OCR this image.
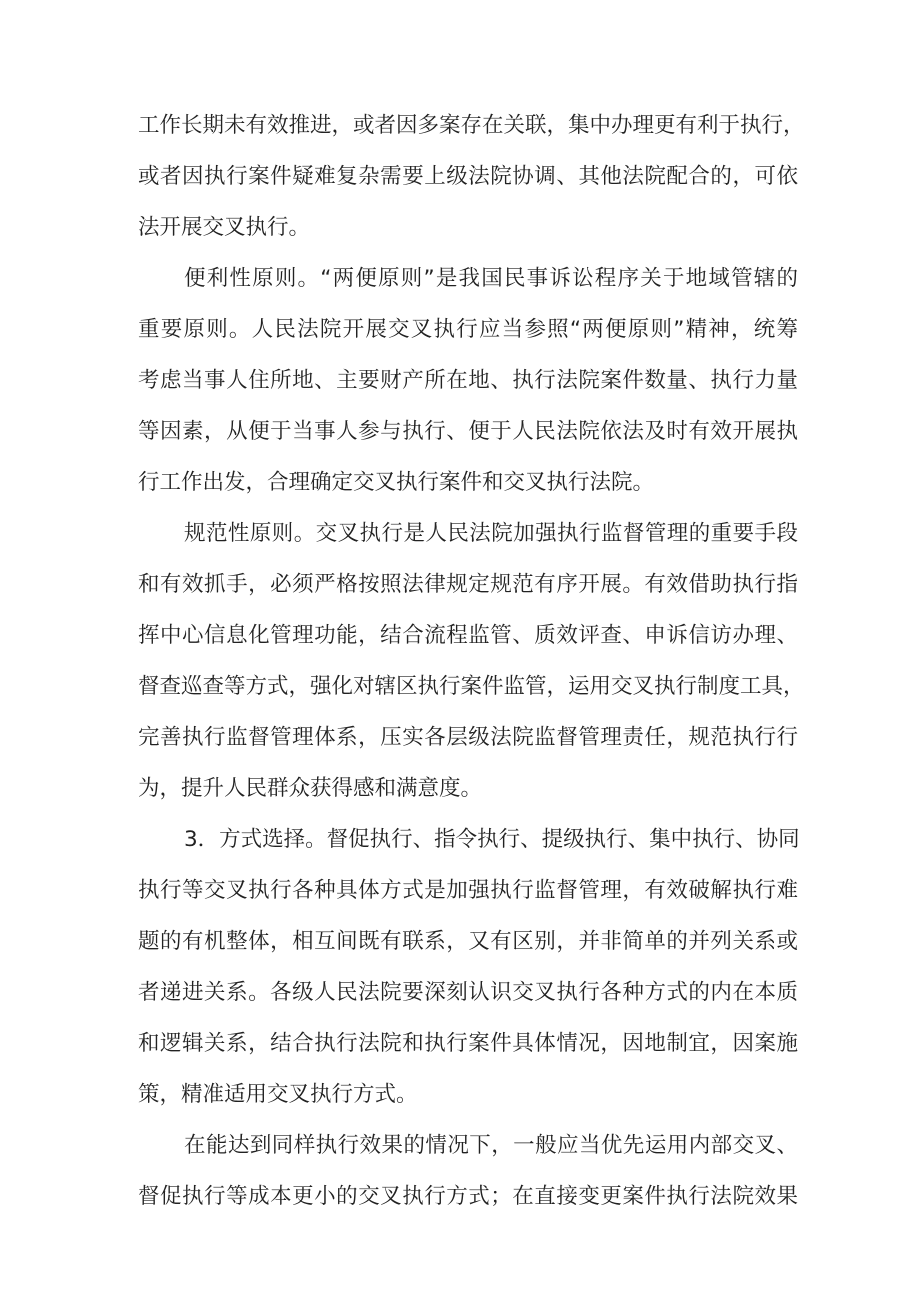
工作长期未有效推进，或者因多案存在关联，集中办理更有利于执行，
或者因执行案件疑难复杂需要上级法院协调、其他法院配合的，可依
法开展交叉执行。
便利性原则。“两便原则”是我国民事诉讼程序关于地域管辖的
重要原则。人民法院开展交叉执行应当参照“两便原则”精神，统筹
考虑当事人住所地、主要财产所在地、执行法院案件数量、执行力量
等因素，从便于当事人参与执行、便于人民法院依法及时有效开展执
行工作出发，合理确定交叉执行案件和交叉执行法院。
规范性原则。交叉执行是人民法院加强执行监督管理的重要手段
和有效抓手，必须严格按照法律规定规范有序开展。有效借助执行指
挥中心信息化管理功能，结合流程监管、质效评查、申诉信访办理、
督查巡查等方式，强化对辖区执行案件监管，运用交叉执行制度工具，
完善执行监督管理体系，压实各层级法院监督管理责任，规范执行行
为，提升人民群众获得感和满意度。
3．方式选择。督促执行、指令执行、提级执行、集中执行、协同
执行等交叉执行各种具体方式是加强执行监督管理，有效破解执行难
题的有机整体，相互间既有联系，又有区别，并非简单的并列关系或
者递进关系。各级人民法院要深刻认识交叉执行各种方式的内在本质
和逻辑关系，结合执行法院和执行案件具体情况，因地制宜，因案施
策，精准适用交叉执行方式。
在能达到同样执行效果的情况下，一般应当优先运用内部交叉、
督促执行等成本更小的交叉执行方式；在直接变更案件执行法院效果
